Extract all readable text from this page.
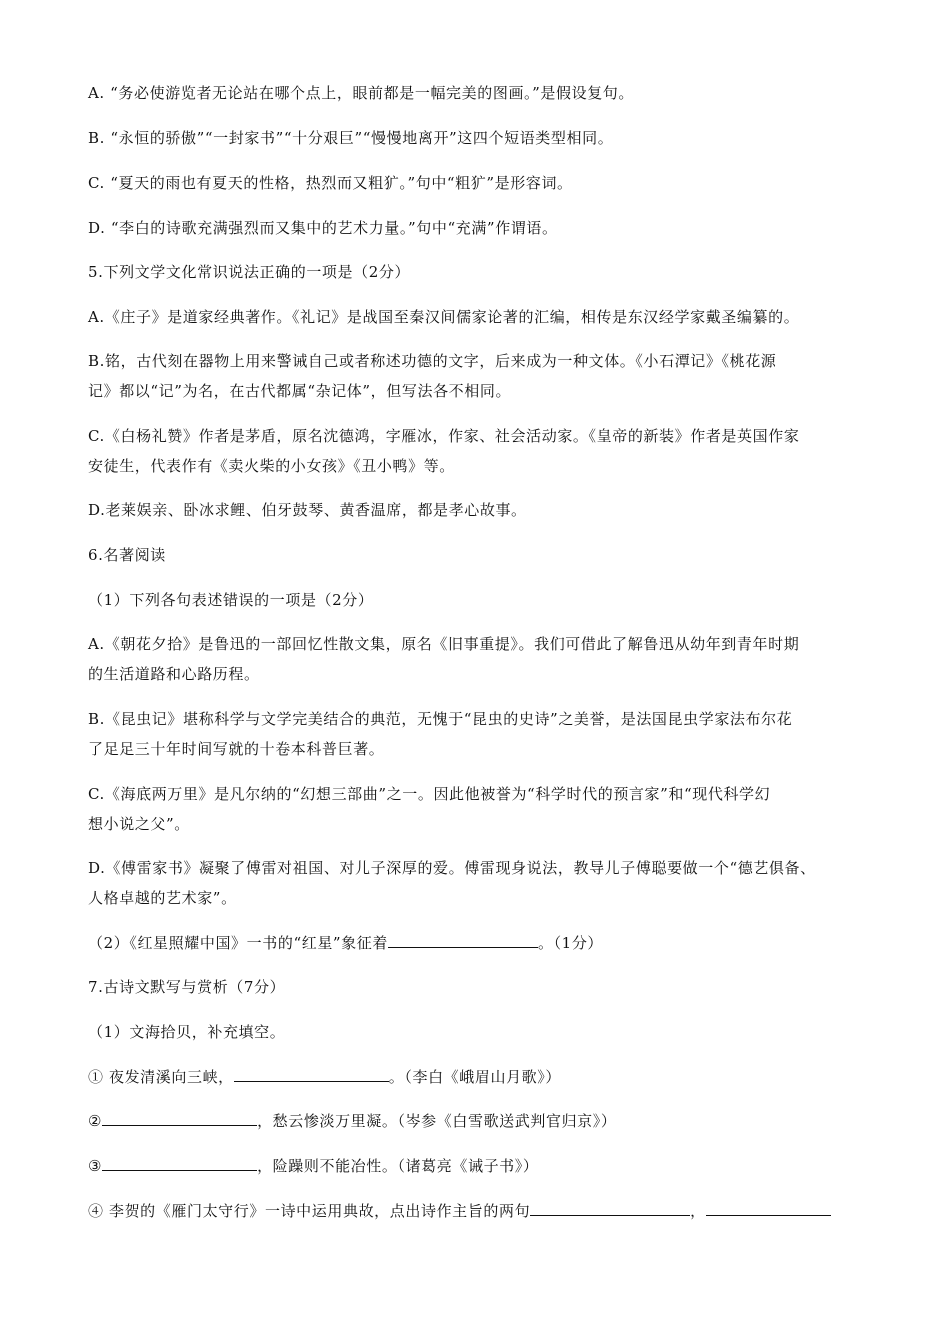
A. “务必使游览者无论站在哪个点上，眼前都是一幅完美的图画。”是假设复句。
B. “永恒的骄傲”“一封家书”“十分艰巨”“慢慢地离开”这四个短语类型相同。
C. “夏天的雨也有夏天的性格，热烈而又粗犷。”句中“粗犷”是形容词。
D. “李白的诗歌充满强烈而又集中的艺术力量。”句中“充满”作谓语。
5.下列文学文化常识说法正确的一项是（2分）
A.《庄子》是道家经典著作。《礼记》是战国至秦汉间儒家论著的汇编，相传是东汉经学家戴圣编纂的。
B.铭，古代刻在器物上用来警诫自己或者称述功德的文字，后来成为一种文体。《小石潭记》《桃花源
记》都以“记”为名，在古代都属“杂记体”，但写法各不相同。
C.《白杨礼赞》作者是茅盾，原名沈德鸿，字雁冰，作家、社会活动家。《皇帝的新装》作者是英国作家
安徒生，代表作有《卖火柴的小女孩》《丑小鸭》等。
D.老莱娱亲、卧冰求鲤、伯牙鼓琴、黄香温席，都是孝心故事。
6.名著阅读
（1）下列各句表述错误的一项是（2分）
A.《朝花夕拾》是鲁迅的一部回忆性散文集，原名《旧事重提》。我们可借此了解鲁迅从幼年到青年时期
的生活道路和心路历程。
B.《昆虫记》堪称科学与文学完美结合的典范，无愧于“昆虫的史诗”之美誉，是法国昆虫学家法布尔花
了足足三十年时间写就的十卷本科普巨著。
C.《海底两万里》是凡尔纳的“幻想三部曲”之一。因此他被誉为“科学时代的预言家”和“现代科学幻
想小说之父”。
D.《傅雷家书》凝聚了傅雷对祖国、对儿子深厚的爱。傅雷现身说法，教导儿子傅聪要做一个“德艺俱备、
人格卓越的艺术家”。
（2）《红星照耀中国》一书的“红星”象征着	。（1分）
7.古诗文默写与赏析（7分）
（1）文海拾贝，补充填空。
① 夜发清溪向三峡，	。（李白《峨眉山月歌》）
②	，愁云惨淡万里凝。（岑参《白雪歌送武判官归京》）
③	，险躁则不能冶性。（诸葛亮《诫子书》）
④ 李贺的《雁门太守行》一诗中运用典故，点出诗作主旨的两句	，
